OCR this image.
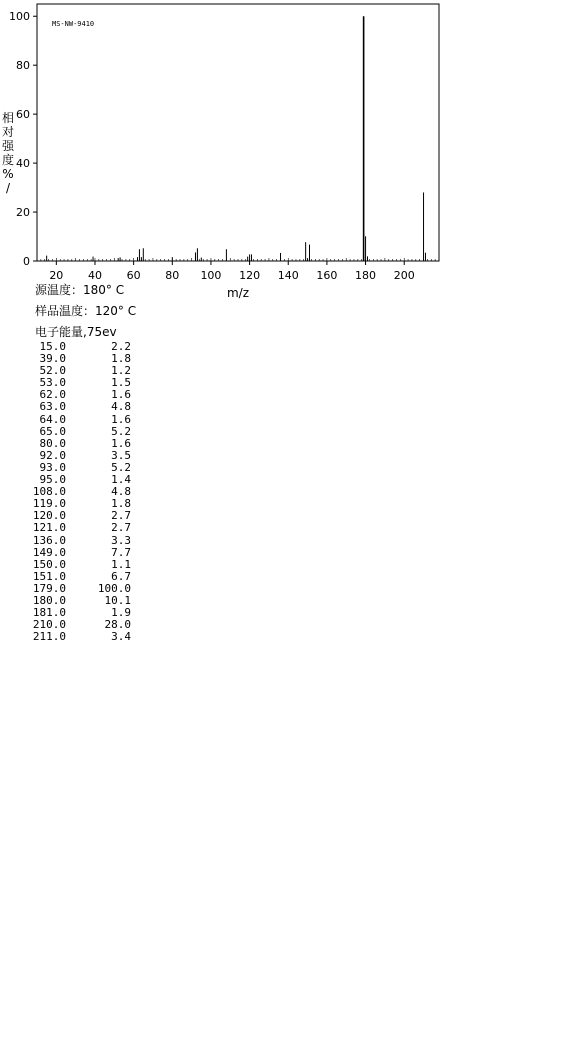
0
20
40
60
80
100
20 40 60 80 100 120 140 160 180 200
MS-NW-9410
m/z
相
对
强
度
%
/
源温度：180° C
样品温度：120° C
电子能量,75ev
15.0	2.2
39.0	1.8
52.0	1.2
53.0	1.5
62.0	1.6
63.0	4.8
64.0	1.6
65.0	5.2
80.0	1.6
92.0	3.5
93.0	5.2
95.0	1.4
108.0	4.8
119.0	1.8
120.0	2.7
121.0	2.7
136.0	3.3
149.0	7.7
150.0	1.1
151.0	6.7
179.0	100.0
180.0	10.1
181.0	1.9
210.0	28.0
211.0	3.4
